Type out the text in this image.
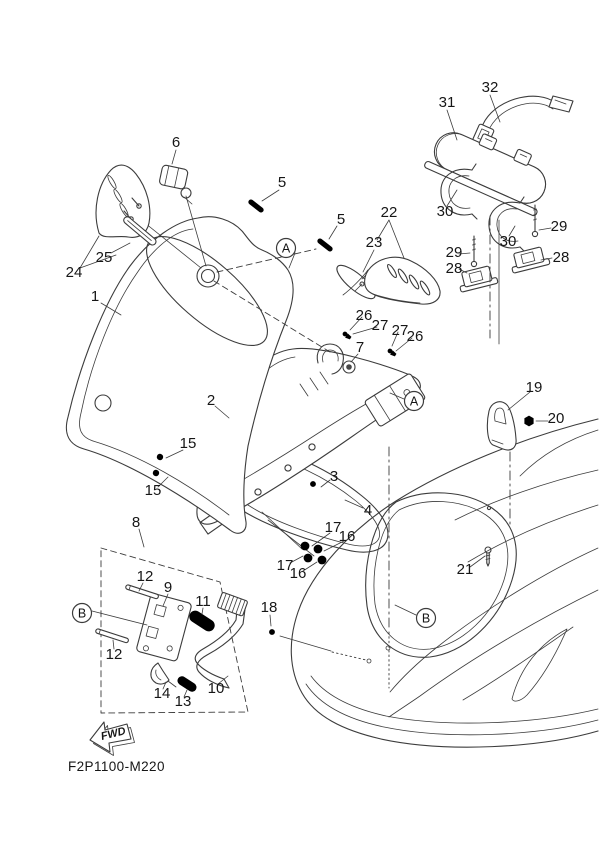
32
31
30
30
29
28
29
28
22
23
5
5
6
25
24
1
26
27 27
26
7
2
19
20
15
15
3
4
17
16
17
16
8
12
9
11
12
14 13
10
18
21
A
A
B	B
FWD
F2P1100-M220
